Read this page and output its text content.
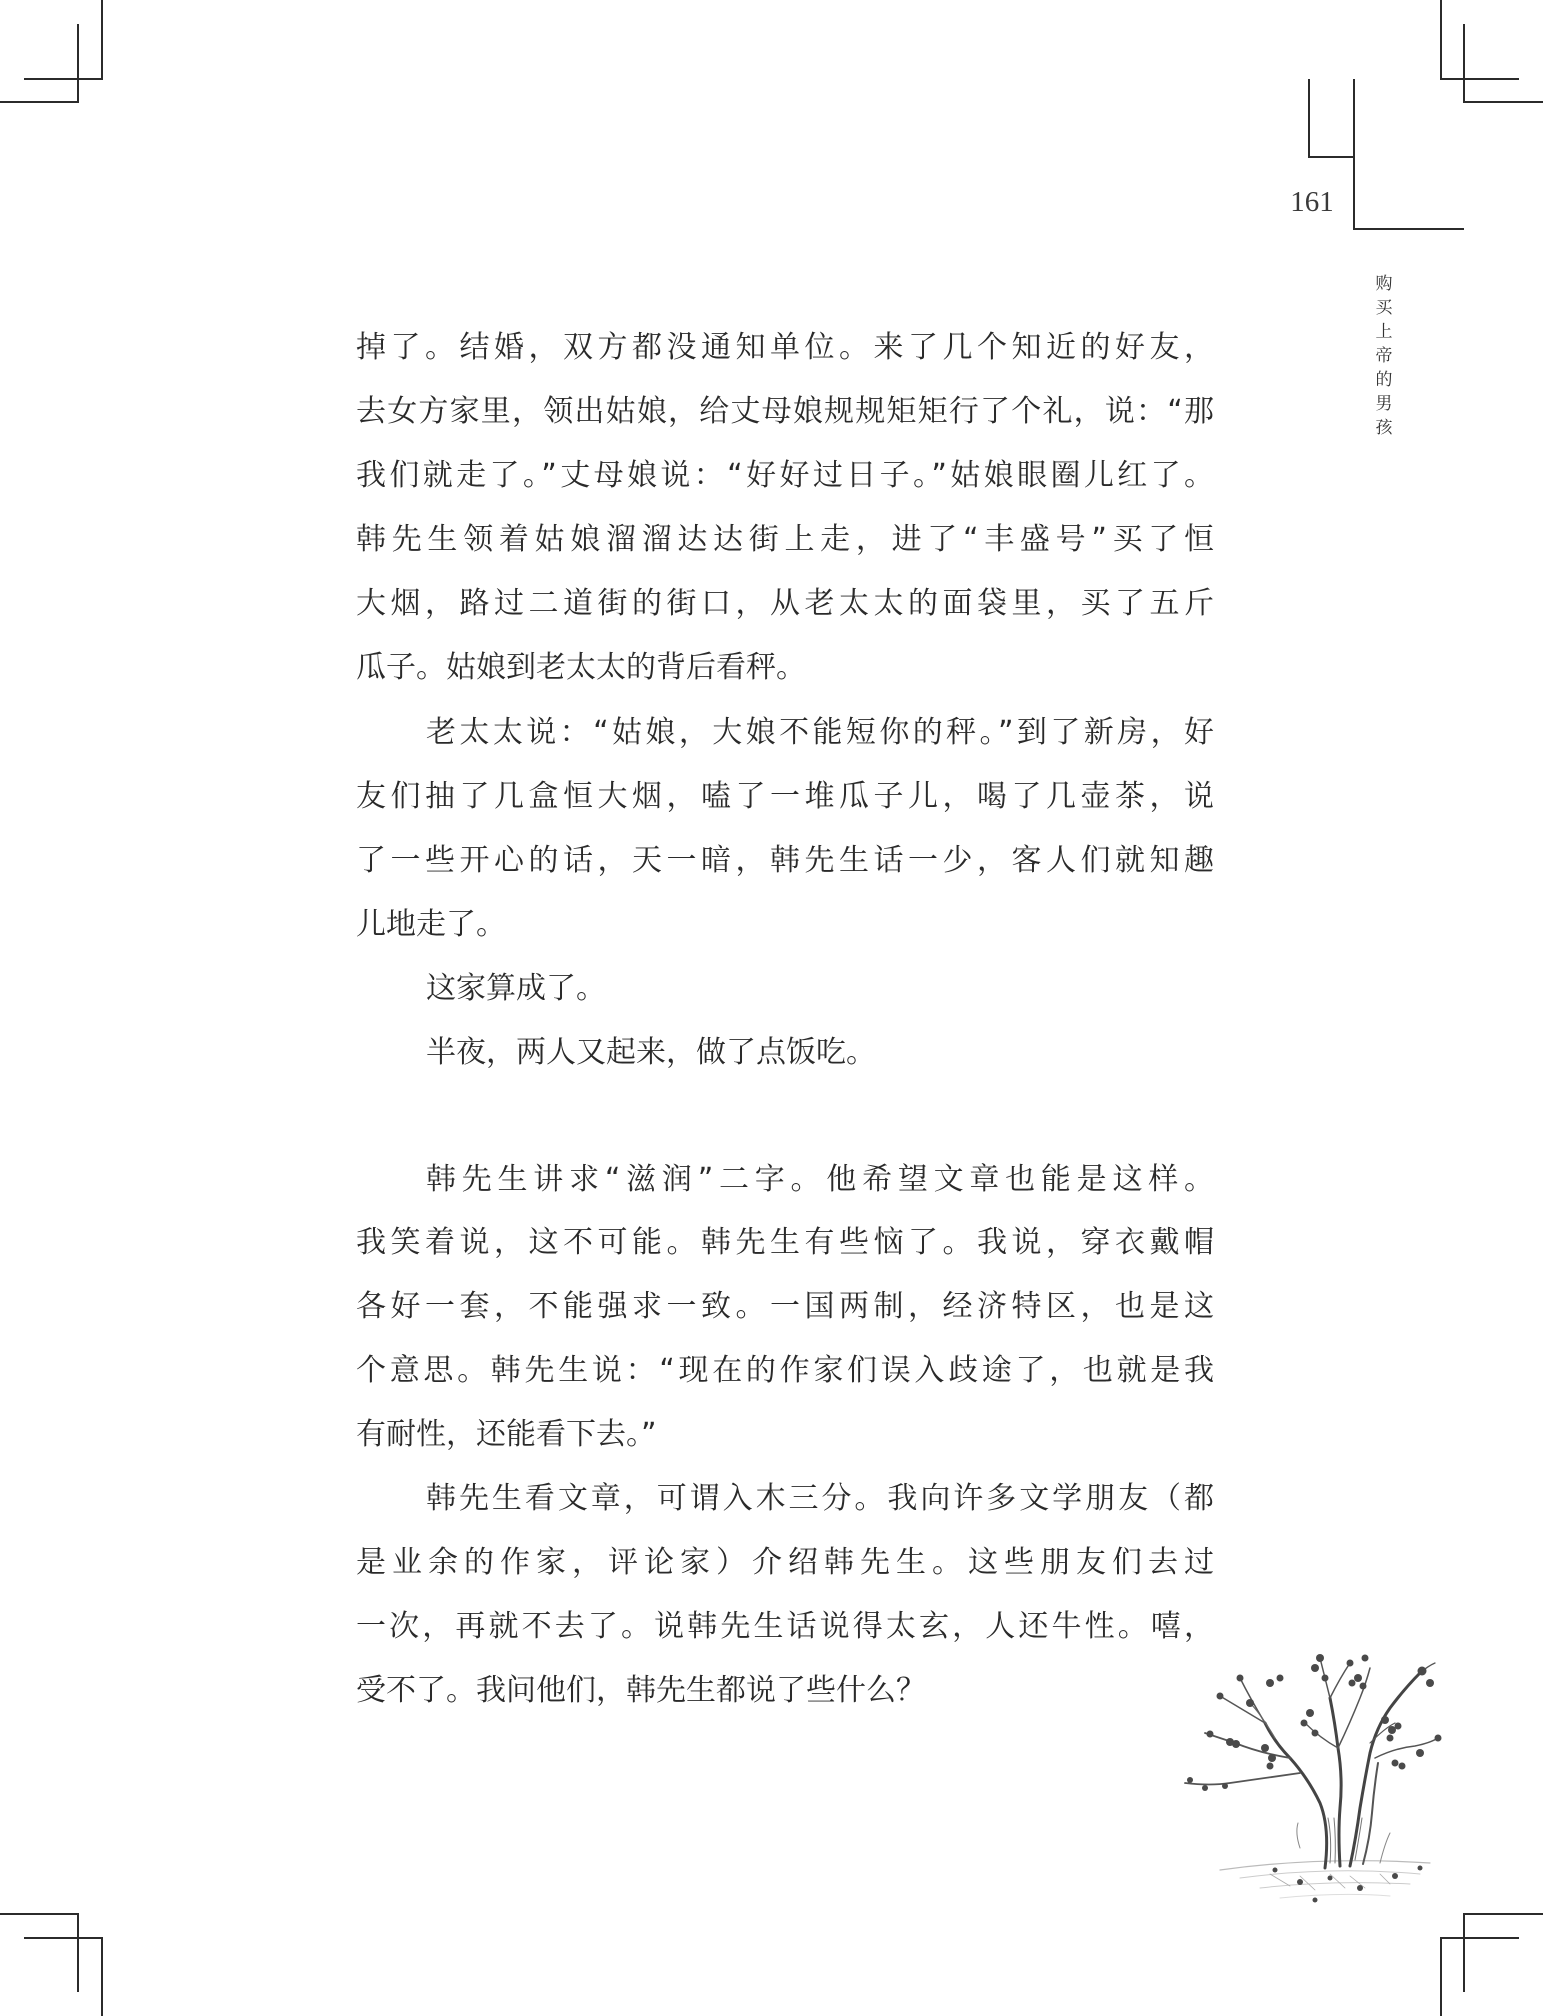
161
购买上帝的男孩
掉了。结婚，双方都没通知单位。来了几个知近的好友，
去女方家里，领出姑娘，给丈母娘规规矩矩行了个礼，说：“那
我们就走了。”丈母娘说：“好好过日子。”姑娘眼圈儿红了。
韩先生领着姑娘溜溜达达街上走，进了“丰盛号”买了恒
大烟，路过二道街的街口，从老太太的面袋里，买了五斤
瓜子。姑娘到老太太的背后看秤。
老太太说：“姑娘，大娘不能短你的秤。”到了新房，好
友们抽了几盒恒大烟，嗑了一堆瓜子儿，喝了几壶茶，说
了一些开心的话，天一暗，韩先生话一少，客人们就知趣
儿地走了。
这家算成了。
半夜，两人又起来，做了点饭吃。
韩先生讲求“滋润”二字。他希望文章也能是这样。
我笑着说，这不可能。韩先生有些恼了。我说，穿衣戴帽
各好一套，不能强求一致。一国两制，经济特区，也是这
个意思。韩先生说：“现在的作家们误入歧途了，也就是我
有耐性，还能看下去。”
韩先生看文章，可谓入木三分。我向许多文学朋友（都
是业余的作家，评论家）介绍韩先生。这些朋友们去过
一次，再就不去了。说韩先生话说得太玄，人还牛性。嘻，
受不了。我问他们，韩先生都说了些什么？
